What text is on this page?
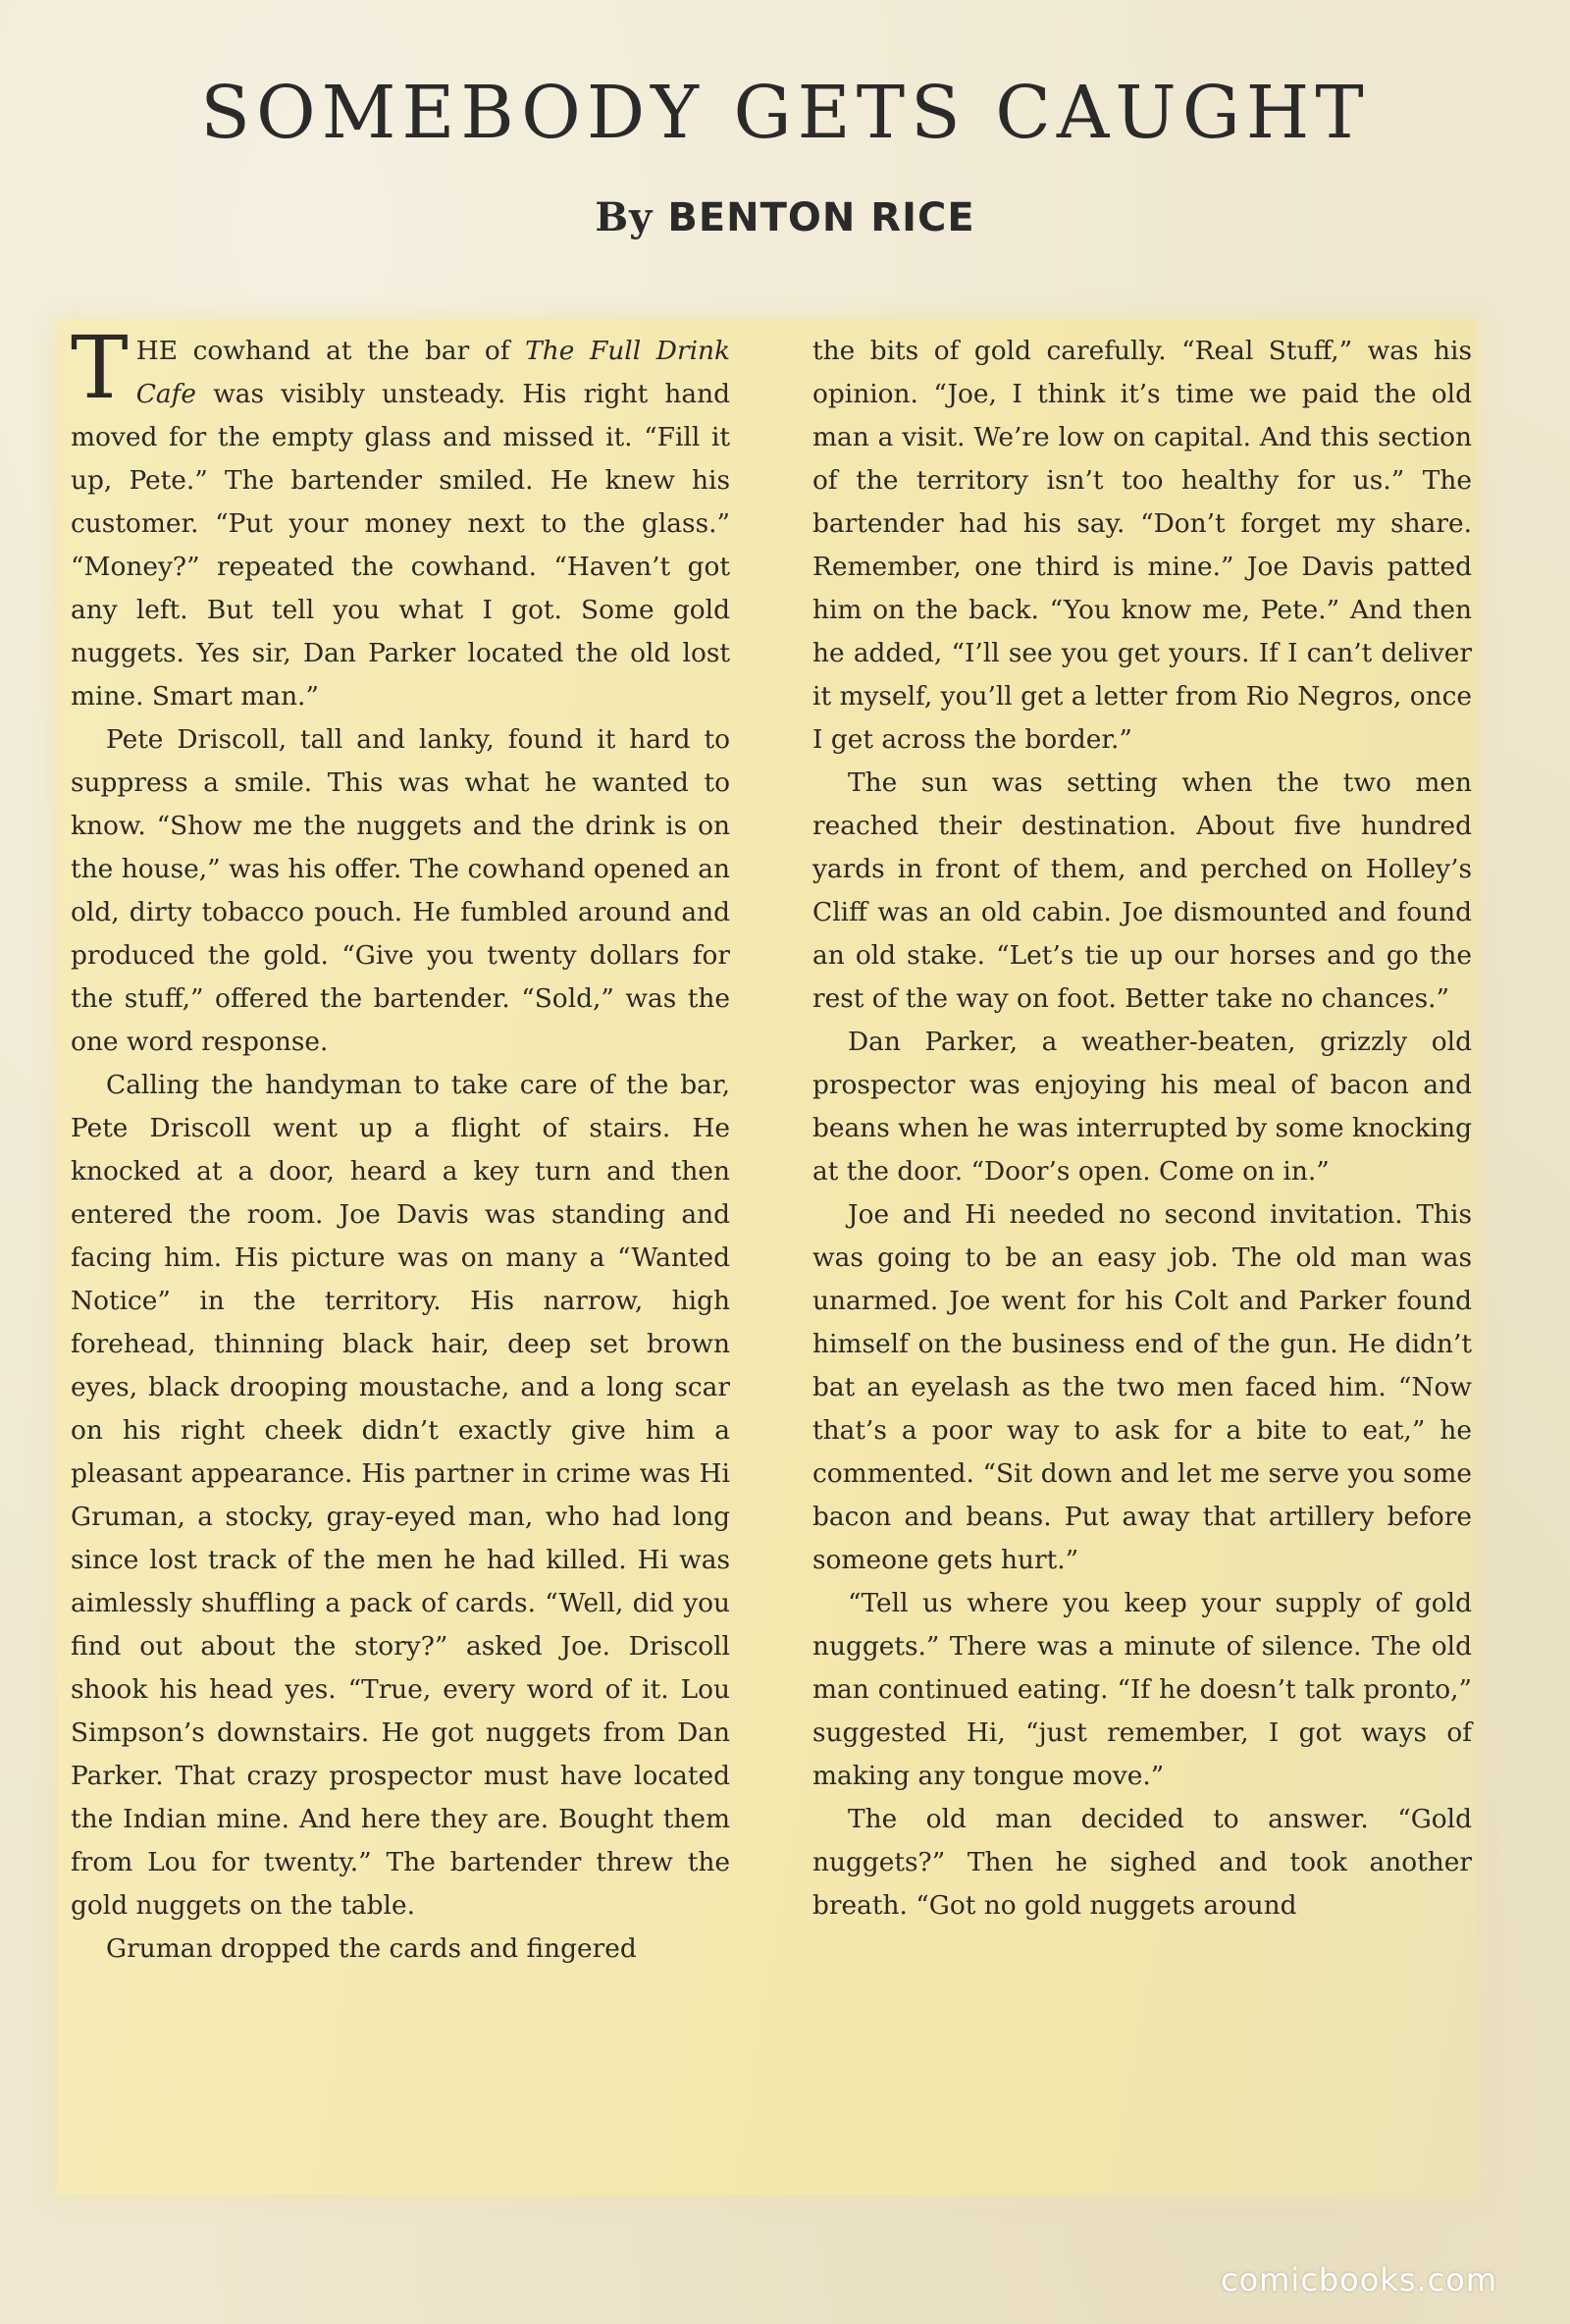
SOMEBODY GETS CAUGHT
By BENTON RICE

THE cowhand at the bar of The Full Drink Cafe was visibly unsteady. His right hand moved for the empty glass and missed it. “Fill it up, Pete.” The bartender smiled. He knew his customer. “Put your money next to the glass.” “Money?” repeated the cowhand. “Haven’t got any left. But tell you what I got. Some gold nuggets. Yes sir, Dan Parker located the old lost mine. Smart man.”

Pete Driscoll, tall and lanky, found it hard to suppress a smile. This was what he wanted to know. “Show me the nuggets and the drink is on the house,” was his offer. The cowhand opened an old, dirty tobacco pouch. He fumbled around and produced the gold. “Give you twenty dollars for the stuff,” offered the bartender. “Sold,” was the one word response.

Calling the handyman to take care of the bar, Pete Driscoll went up a flight of stairs. He knocked at a door, heard a key turn and then entered the room. Joe Davis was standing and facing him. His picture was on many a “Wanted Notice” in the territory. His narrow, high forehead, thinning black hair, deep set brown eyes, black drooping moustache, and a long scar on his right cheek didn’t exactly give him a pleasant appearance. His partner in crime was Hi Gruman, a stocky, gray-eyed man, who had long since lost track of the men he had killed. Hi was aimlessly shuffling a pack of cards. “Well, did you find out about the story?” asked Joe. Driscoll shook his head yes. “True, every word of it. Lou Simpson’s downstairs. He got nuggets from Dan Parker. That crazy prospector must have located the Indian mine. And here they are. Bought them from Lou for twenty.” The bartender threw the gold nuggets on the table.

Gruman dropped the cards and fingered

the bits of gold carefully. “Real Stuff,” was his opinion. “Joe, I think it’s time we paid the old man a visit. We’re low on capital. And this section of the territory isn’t too healthy for us.” The bartender had his say. “Don’t forget my share. Remember, one third is mine.” Joe Davis patted him on the back. “You know me, Pete.” And then he added, “I’ll see you get yours. If I can’t deliver it myself, you’ll get a letter from Rio Negros, once I get across the border.”

The sun was setting when the two men reached their destination. About five hundred yards in front of them, and perched on Holley’s Cliff was an old cabin. Joe dismounted and found an old stake. “Let’s tie up our horses and go the rest of the way on foot. Better take no chances.”

Dan Parker, a weather-beaten, grizzly old prospector was enjoying his meal of bacon and beans when he was interrupted by some knocking at the door. “Door’s open. Come on in.”

Joe and Hi needed no second invitation. This was going to be an easy job. The old man was unarmed. Joe went for his Colt and Parker found himself on the business end of the gun. He didn’t bat an eyelash as the two men faced him. “Now that’s a poor way to ask for a bite to eat,” he commented. “Sit down and let me serve you some bacon and beans. Put away that artillery before someone gets hurt.”

“Tell us where you keep your supply of gold nuggets.” There was a minute of silence. The old man continued eating. “If he doesn’t talk pronto,” suggested Hi, “just remember, I got ways of making any tongue move.”

The old man decided to answer. “Gold nuggets?” Then he sighed and took another breath. “Got no gold nuggets around

comicbooks.com
